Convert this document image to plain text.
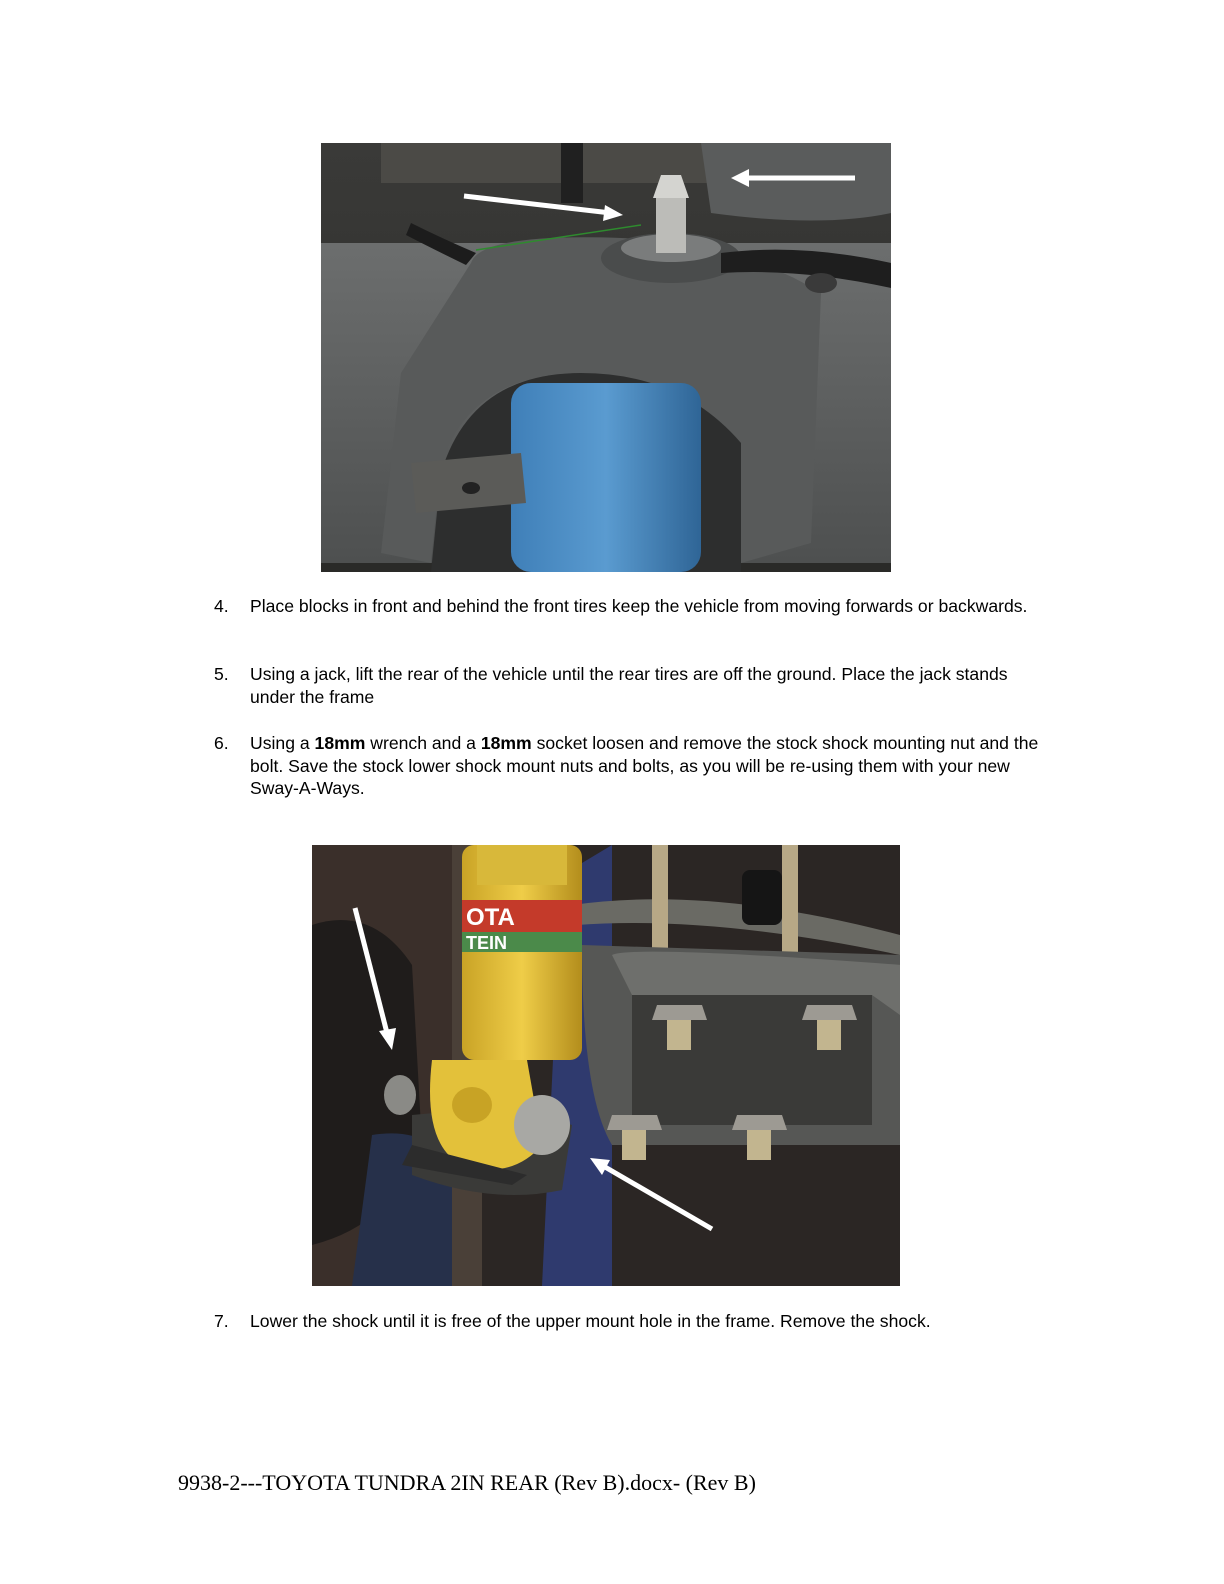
4. Place blocks in front and behind the front tires keep the vehicle from moving forwards or backwards.
5. Using a jack, lift the rear of the vehicle until the rear tires are off the ground. Place the jack stands under the frame
6. Using a 18mm wrench and a 18mm socket loosen and remove the stock shock mounting nut and the bolt. Save the stock lower shock mount nuts and bolts, as you will be re-using them with your new Sway-A-Ways.
OTA
TEIN
7. Lower the shock until it is free of the upper mount hole in the frame. Remove the shock.
9938-2---TOYOTA TUNDRA 2IN REAR (Rev B).docx- (Rev B)
